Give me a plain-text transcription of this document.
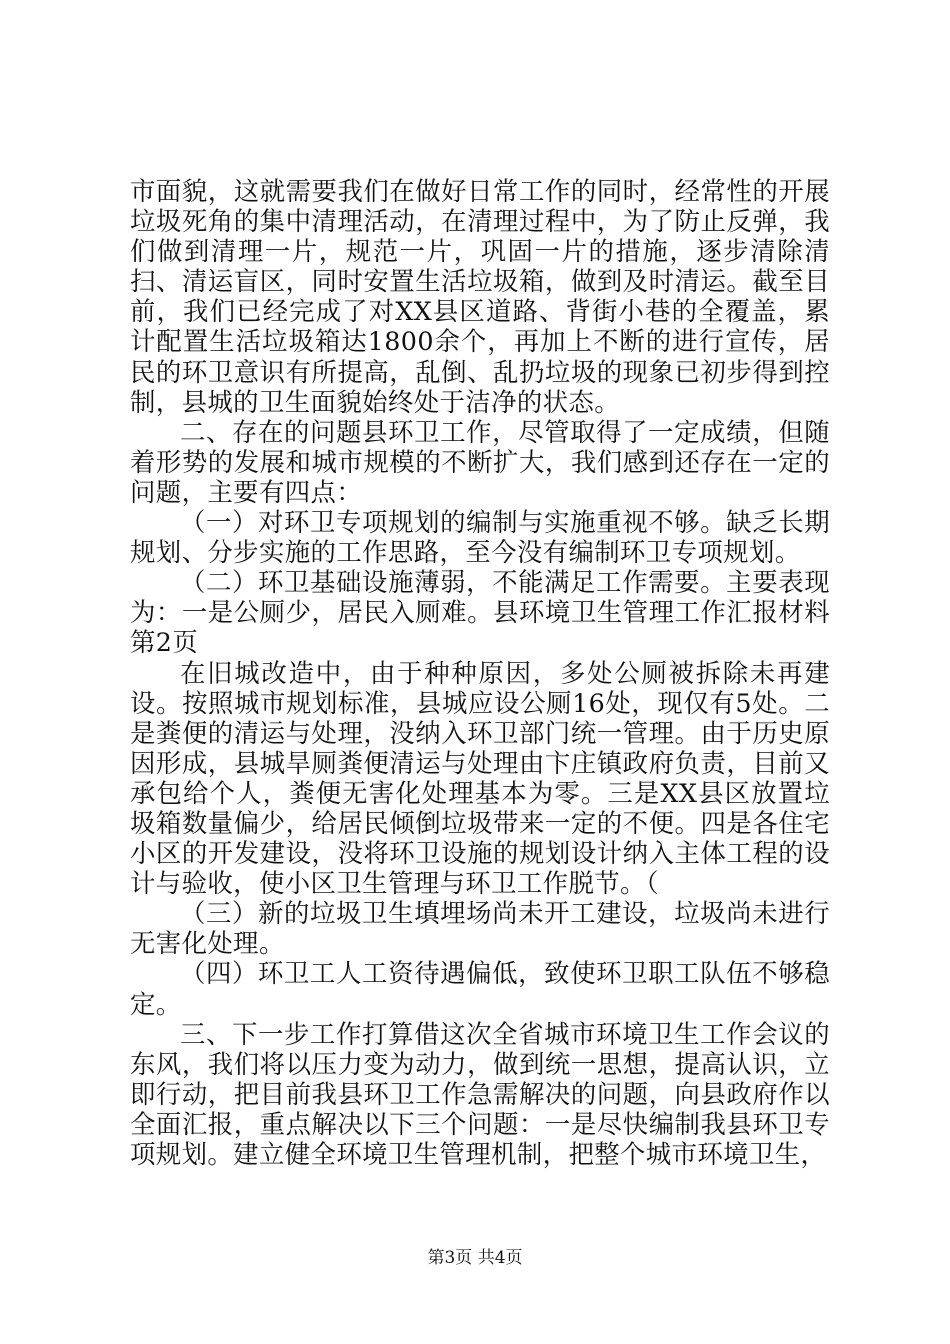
市面貌，这就需要我们在做好日常工作的同时，经常性的开展垃圾死角的集中清理活动，在清理过程中，为了防止反弹，我们做到清理一片，规范一片，巩固一片的措施，逐步清除清扫、清运盲区，同时安置生活垃圾箱，做到及时清运。截至目前，我们已经完成了对XX县区道路、背街小巷的全覆盖，累计配置生活垃圾箱达1800余个，再加上不断的进行宣传，居民的环卫意识有所提高，乱倒、乱扔垃圾的现象已初步得到控制，县城的卫生面貌始终处于洁净的状态。

二、存在的问题县环卫工作，尽管取得了一定成绩，但随着形势的发展和城市规模的不断扩大，我们感到还存在一定的问题，主要有四点：

（一）对环卫专项规划的编制与实施重视不够。缺乏长期规划、分步实施的工作思路，至今没有编制环卫专项规划。

（二）环卫基础设施薄弱，不能满足工作需要。主要表现为：一是公厕少，居民入厕难。县环境卫生管理工作汇报材料第2页

在旧城改造中，由于种种原因，多处公厕被拆除未再建设。按照城市规划标准，县城应设公厕16处，现仅有5处。二是粪便的清运与处理，没纳入环卫部门统一管理。由于历史原因形成，县城旱厕粪便清运与处理由卞庄镇政府负责，目前又承包给个人，粪便无害化处理基本为零。三是XX县区放置垃圾箱数量偏少，给居民倾倒垃圾带来一定的不便。四是各住宅小区的开发建设，没将环卫设施的规划设计纳入主体工程的设计与验收，使小区卫生管理与环卫工作脱节。（

（三）新的垃圾卫生填埋场尚未开工建设，垃圾尚未进行无害化处理。

（四）环卫工人工资待遇偏低，致使环卫职工队伍不够稳定。

三、下一步工作打算借这次全省城市环境卫生工作会议的东风，我们将以压力变为动力，做到统一思想，提高认识，立即行动，把目前我县环卫工作急需解决的问题，向县政府作以全面汇报，重点解决以下三个问题：一是尽快编制我县环卫专项规划。建立健全环境卫生管理机制，把整个城市环境卫生，

第3页 共4页
